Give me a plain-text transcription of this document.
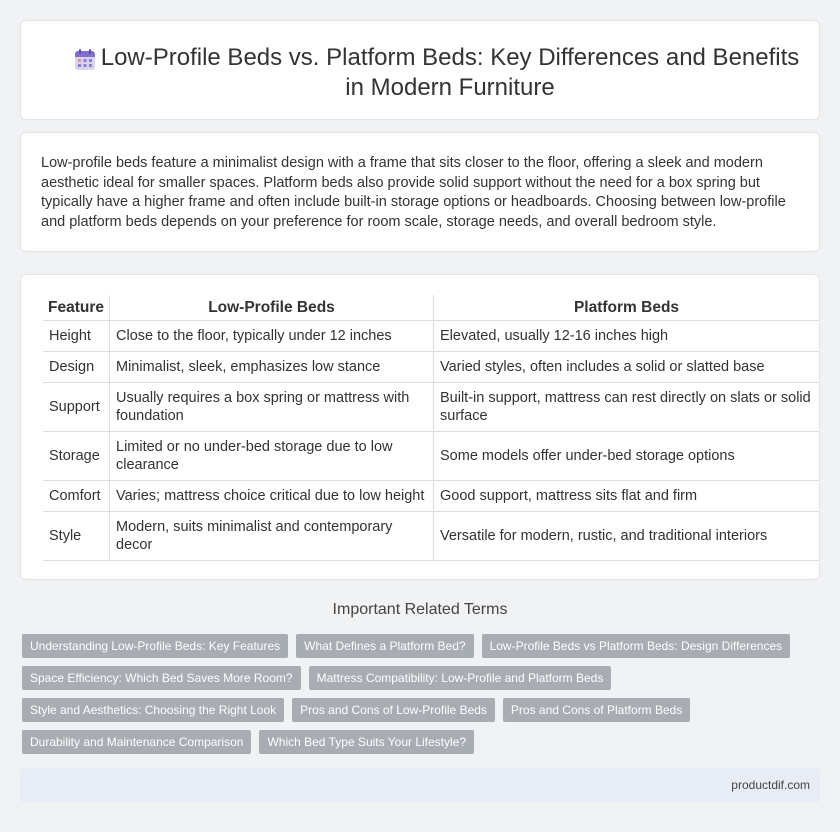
Low-Profile Beds vs. Platform Beds: Key Differences and Benefits in Modern Furniture

Low-profile beds feature a minimalist design with a frame that sits closer to the floor, offering a sleek and modern aesthetic ideal for smaller spaces. Platform beds also provide solid support without the need for a box spring but typically have a higher frame and often include built-in storage options or headboards. Choosing between low-profile and platform beds depends on your preference for room scale, storage needs, and overall bedroom style.

Feature	Low-Profile Beds	Platform Beds
Height	Close to the floor, typically under 12 inches	Elevated, usually 12-16 inches high
Design	Minimalist, sleek, emphasizes low stance	Varied styles, often includes a solid or slatted base
Support	Usually requires a box spring or mattress with foundation	Built-in support, mattress can rest directly on slats or solid surface
Storage	Limited or no under-bed storage due to low clearance	Some models offer under-bed storage options
Comfort	Varies; mattress choice critical due to low height	Good support, mattress sits flat and firm
Style	Modern, suits minimalist and contemporary decor	Versatile for modern, rustic, and traditional interiors
Important Related Terms
Understanding Low-Profile Beds: Key Features	What Defines a Platform Bed?	Low-Profile Beds vs Platform Beds: Design Differences
Space Efficiency: Which Bed Saves More Room?	Mattress Compatibility: Low-Profile and Platform Beds
Style and Aesthetics: Choosing the Right Look	Pros and Cons of Low-Profile Beds	Pros and Cons of Platform Beds
Durability and Maintenance Comparison	Which Bed Type Suits Your Lifestyle?
productdif.com
